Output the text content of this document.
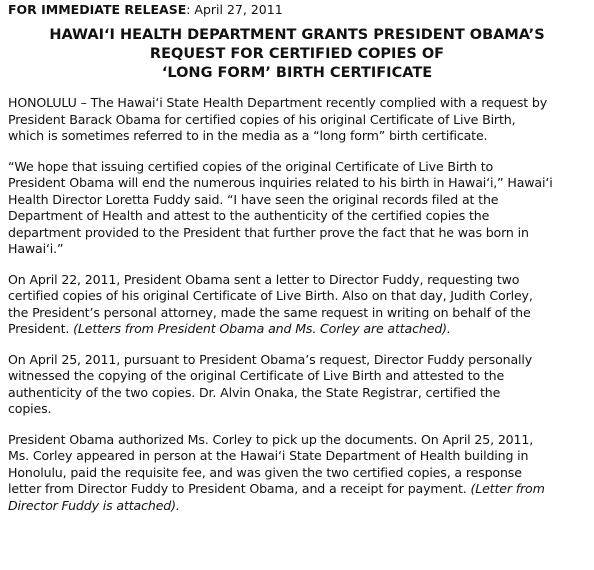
FOR IMMEDIATE RELEASE: April 27, 2011
HAWAI‘I HEALTH DEPARTMENT GRANTS PRESIDENT OBAMA’S
REQUEST FOR CERTIFIED COPIES OF
‘LONG FORM’ BIRTH CERTIFICATE
HONOLULU – The Hawai‘i State Health Department recently complied with a request by
President Barack Obama for certified copies of his original Certificate of Live Birth,
which is sometimes referred to in the media as a “long form” birth certificate.
“We hope that issuing certified copies of the original Certificate of Live Birth to
President Obama will end the numerous inquiries related to his birth in Hawai‘i,” Hawai‘i
Health Director Loretta Fuddy said. “I have seen the original records filed at the
Department of Health and attest to the authenticity of the certified copies the
department provided to the President that further prove the fact that he was born in
Hawai‘i.”
On April 22, 2011, President Obama sent a letter to Director Fuddy, requesting two
certified copies of his original Certificate of Live Birth. Also on that day, Judith Corley,
the President’s personal attorney, made the same request in writing on behalf of the
President. (Letters from President Obama and Ms. Corley are attached).
On April 25, 2011, pursuant to President Obama’s request, Director Fuddy personally
witnessed the copying of the original Certificate of Live Birth and attested to the
authenticity of the two copies. Dr. Alvin Onaka, the State Registrar, certified the
copies.
President Obama authorized Ms. Corley to pick up the documents. On April 25, 2011,
Ms. Corley appeared in person at the Hawai‘i State Department of Health building in
Honolulu, paid the requisite fee, and was given the two certified copies, a response
letter from Director Fuddy to President Obama, and a receipt for payment. (Letter from
Director Fuddy is attached).
